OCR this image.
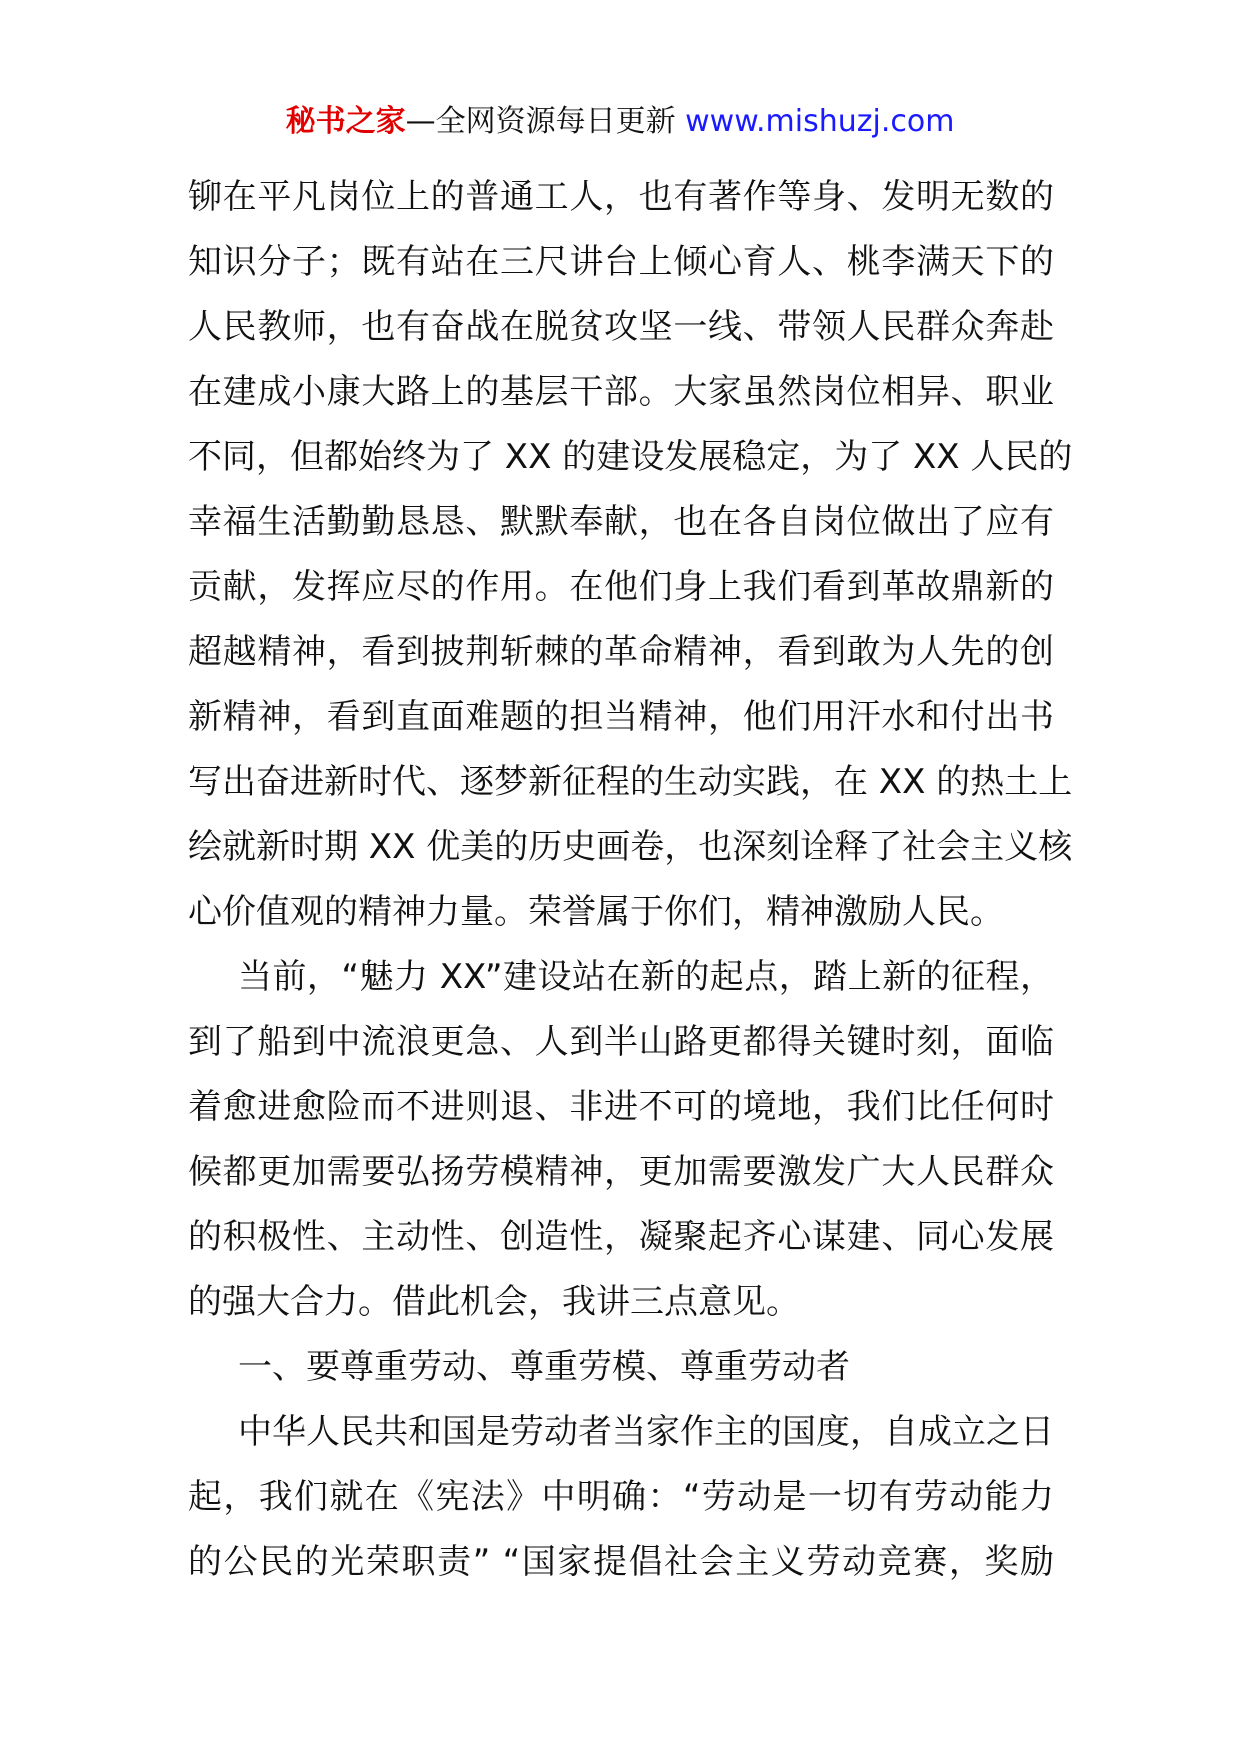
秘书之家—全网资源每日更新 www.mishuzj.com
铆在平凡岗位上的普通工人，也有著作等身、发明无数的
知识分子；既有站在三尺讲台上倾心育人、桃李满天下的
人民教师，也有奋战在脱贫攻坚一线、带领人民群众奔赴
在建成小康大路上的基层干部。大家虽然岗位相异、职业
不同，但都始终为了 XX 的建设发展稳定，为了 XX 人民的
幸福生活勤勤恳恳、默默奉献，也在各自岗位做出了应有
贡献，发挥应尽的作用。在他们身上我们看到革故鼎新的
超越精神，看到披荆斩棘的革命精神，看到敢为人先的创
新精神，看到直面难题的担当精神，他们用汗水和付出书
写出奋进新时代、逐梦新征程的生动实践，在 XX 的热土上
绘就新时期 XX 优美的历史画卷，也深刻诠释了社会主义核
心价值观的精神力量。荣誉属于你们，精神激励人民。
当前，“魅力 XX”建设站在新的起点，踏上新的征程，
到了船到中流浪更急、人到半山路更都得关键时刻，面临
着愈进愈险而不进则退、非进不可的境地，我们比任何时
候都更加需要弘扬劳模精神，更加需要激发广大人民群众
的积极性、主动性、创造性，凝聚起齐心谋建、同心发展
的强大合力。借此机会，我讲三点意见。
一、要尊重劳动、尊重劳模、尊重劳动者
中华人民共和国是劳动者当家作主的国度，自成立之日
起，我们就在《宪法》中明确：“劳动是一切有劳动能力
的公民的光荣职责” “国家提倡社会主义劳动竞赛，奖励
